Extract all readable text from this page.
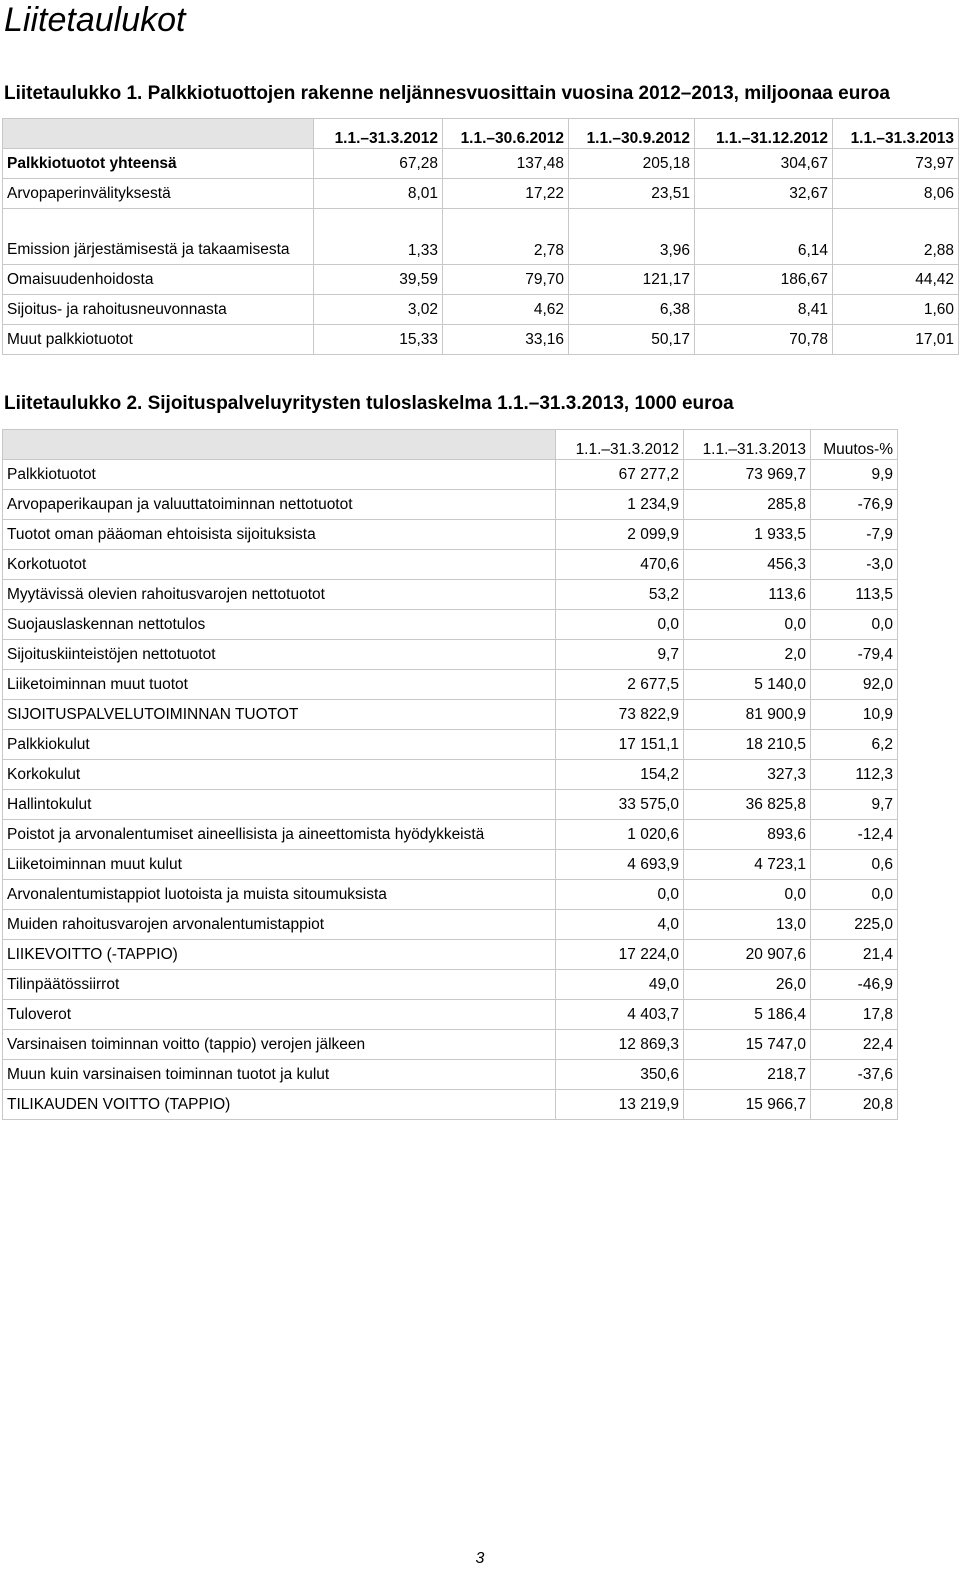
Liitetaulukot
Liitetaulukko 1. Palkkiotuottojen rakenne neljännesvuosittain vuosina 2012–2013, miljoonaa euroa
	1.1.–31.3.2012	1.1.–30.6.2012	1.1.–30.9.2012	1.1.–31.12.2012	1.1.–31.3.2013
Palkkiotuotot yhteensä	67,28	137,48	205,18	304,67	73,97
Arvopaperinvälityksestä	8,01	17,22	23,51	32,67	8,06
Emission järjestämisestä ja takaamisesta	1,33	2,78	3,96	6,14	2,88
Omaisuudenhoidosta	39,59	79,70	121,17	186,67	44,42
Sijoitus- ja rahoitusneuvonnasta	3,02	4,62	6,38	8,41	1,60
Muut palkkiotuotot	15,33	33,16	50,17	70,78	17,01
Liitetaulukko 2. Sijoituspalveluyritysten tuloslaskelma 1.1.–31.3.2013, 1000 euroa
	1.1.–31.3.2012	1.1.–31.3.2013	Muutos-%
Palkkiotuotot	67 277,2	73 969,7	9,9
Arvopaperikaupan ja valuuttatoiminnan nettotuotot	1 234,9	285,8	-76,9
Tuotot oman pääoman ehtoisista sijoituksista	2 099,9	1 933,5	-7,9
Korkotuotot	470,6	456,3	-3,0
Myytävissä olevien rahoitusvarojen nettotuotot	53,2	113,6	113,5
Suojauslaskennan nettotulos	0,0	0,0	0,0
Sijoituskiinteistöjen nettotuotot	9,7	2,0	-79,4
Liiketoiminnan muut tuotot	2 677,5	5 140,0	92,0
SIJOITUSPALVELUTOIMINNAN TUOTOT	73 822,9	81 900,9	10,9
Palkkiokulut	17 151,1	18 210,5	6,2
Korkokulut	154,2	327,3	112,3
Hallintokulut	33 575,0	36 825,8	9,7
Poistot ja arvonalentumiset aineellisista ja aineettomista hyödykkeistä	1 020,6	893,6	-12,4
Liiketoiminnan muut kulut	4 693,9	4 723,1	0,6
Arvonalentumistappiot luotoista ja muista sitoumuksista	0,0	0,0	0,0
Muiden rahoitusvarojen arvonalentumistappiot	4,0	13,0	225,0
LIIKEVOITTO (-TAPPIO)	17 224,0	20 907,6	21,4
Tilinpäätössiirrot	49,0	26,0	-46,9
Tuloverot	4 403,7	5 186,4	17,8
Varsinaisen toiminnan voitto (tappio) verojen jälkeen	12 869,3	15 747,0	22,4
Muun kuin varsinaisen toiminnan tuotot ja kulut	350,6	218,7	-37,6
TILIKAUDEN VOITTO (TAPPIO)	13 219,9	15 966,7	20,8
3
